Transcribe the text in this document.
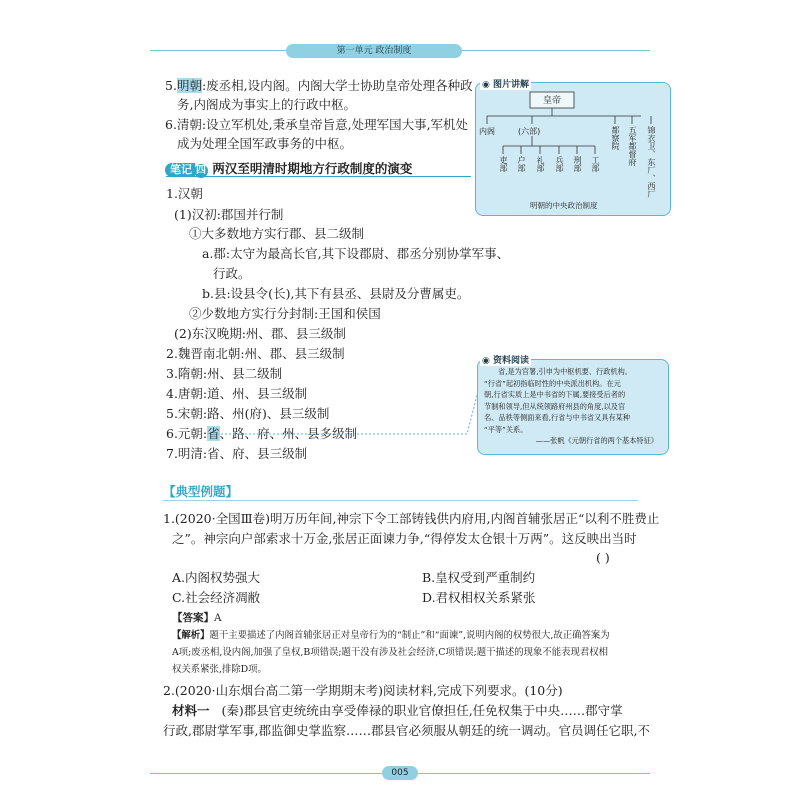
第一单元 政治制度
5.明朝:废丞相,设内阁。内阁大学士协助皇帝处理各种政
务,内阁成为事实上的行政中枢。
6.清朝:设立军机处,秉承皇帝旨意,处理军国大事,军机处
成为处理全国军政事务的中枢。
笔记 四 两汉至明清时期地方行政制度的演变
1.汉朝
(1)汉初:郡国并行制
①大多数地方实行郡、县二级制
a.郡:太守为最高长官,其下设郡尉、郡丞分别协掌军事、
行政。
b.县:设县令(长),其下有县丞、县尉及分曹属吏。
②少数地方实行分封制:王国和侯国
(2)东汉晚期:州、郡、县三级制
2.魏晋南北朝:州、郡、县三级制
3.隋朝:州、县二级制
4.唐朝:道、州、县三级制
5.宋朝:路、州(府)、县三级制
6.元朝:省、路、府、州、县多级制
7.明清:省、府、县三级制
◉ 图片讲解
皇帝
内阁	(六部)
吏部 户部 礼部 兵部 刑部 工部
都察院 五军都督府 锦衣卫、东厂、西厂
明朝的中央政治制度
◉ 资料阅读
省,是为官署,引申为中枢机要、行政机构。
“行省”起初指临时性的中央派出机构。在元
朝,行省实质上是中书省的下属,要接受后者的
节制和领导,但从统领路府州县的角度,以及官
名、品秩等侧面来看,行省与中书省又具有某种
“平等”关系。
——张帆《元朝行省的两个基本特征》
【典型例题】
1.(2020·全国Ⅲ卷)明万历年间,神宗下令工部铸钱供内府用,内阁首辅张居正“以利不胜费止
之”。神宗向户部索求十万金,张居正面谏力争,“得停发太仓银十万两”。这反映出当时
( )
A.内阁权势强大	B.皇权受到严重制约
C.社会经济凋敝	D.君权相权关系紧张
【答案】A
【解析】题干主要描述了内阁首辅张居正对皇帝行为的“制止”和“面谏”,说明内阁的权势很大,故正确答案为
A项;废丞相,设内阁,加强了皇权,B项错误;题干没有涉及社会经济,C项错误;题干描述的现象不能表现君权相
权关系紧张,排除D项。
2.(2020·山东烟台高二第一学期期末考)阅读材料,完成下列要求。(10分)
材料一 (秦)郡县官吏统统由享受俸禄的职业官僚担任,任免权集于中央……郡守掌
行政,郡尉掌军事,郡监御史掌监察……郡县官必须服从朝廷的统一调动。官员调任它职,不
005
